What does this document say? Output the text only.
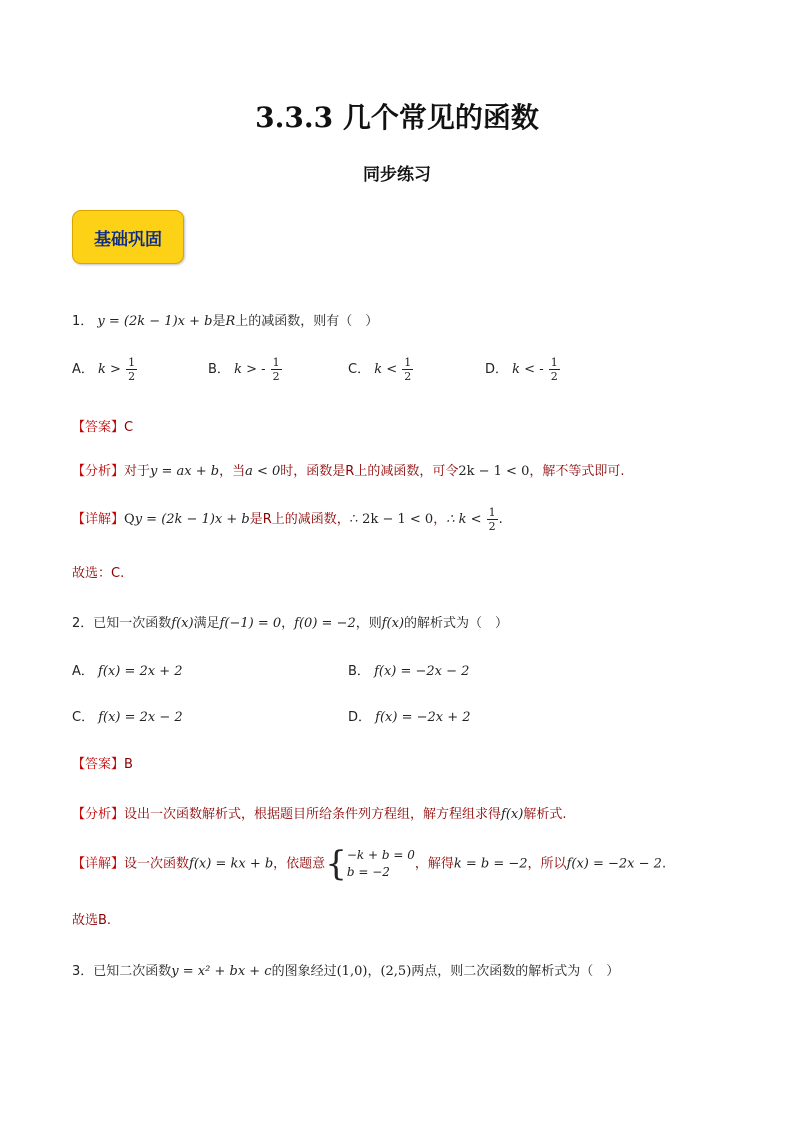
3.3.3 几个常见的函数
同步练习
基础巩固
1． y = (2k − 1)x + b是R上的减函数，则有（　）
A． $k > \frac{1}{2}$	B． k > - $\frac{1}{2}$	C． $k < \frac{1}{2}$	D． k < - $\frac{1}{2}$
【答案】C
【分析】对于y = ax + b，当a < 0时，函数是R上的减函数，可令2k − 1 < 0，解不等式即可.
【详解】Qy = (2k − 1)x + b是R上的减函数，∴ 2k − 1 < 0，∴ $k < \frac{1}{2}$ .
故选：C.
2．已知一次函数f(x)满足f(−1) = 0，f(0) = −2，则f(x)的解析式为（　）
A． f(x) = 2x + 2	B． f(x) = −2x − 2
C． f(x) = 2x − 2	D． f(x) = −2x + 2
【答案】B
【分析】设出一次函数解析式，根据题目所给条件列方程组，解方程组求得f(x)解析式.
【详解】设一次函数f(x) = kx + b，依题意 { −k + b = 0
b = −2
，解得k = b = −2，所以f(x) = −2x − 2.
故选B.
3．已知二次函数y = x² + bx + c的图象经过(1,0)，(2,5)两点，则二次函数的解析式为（　）
